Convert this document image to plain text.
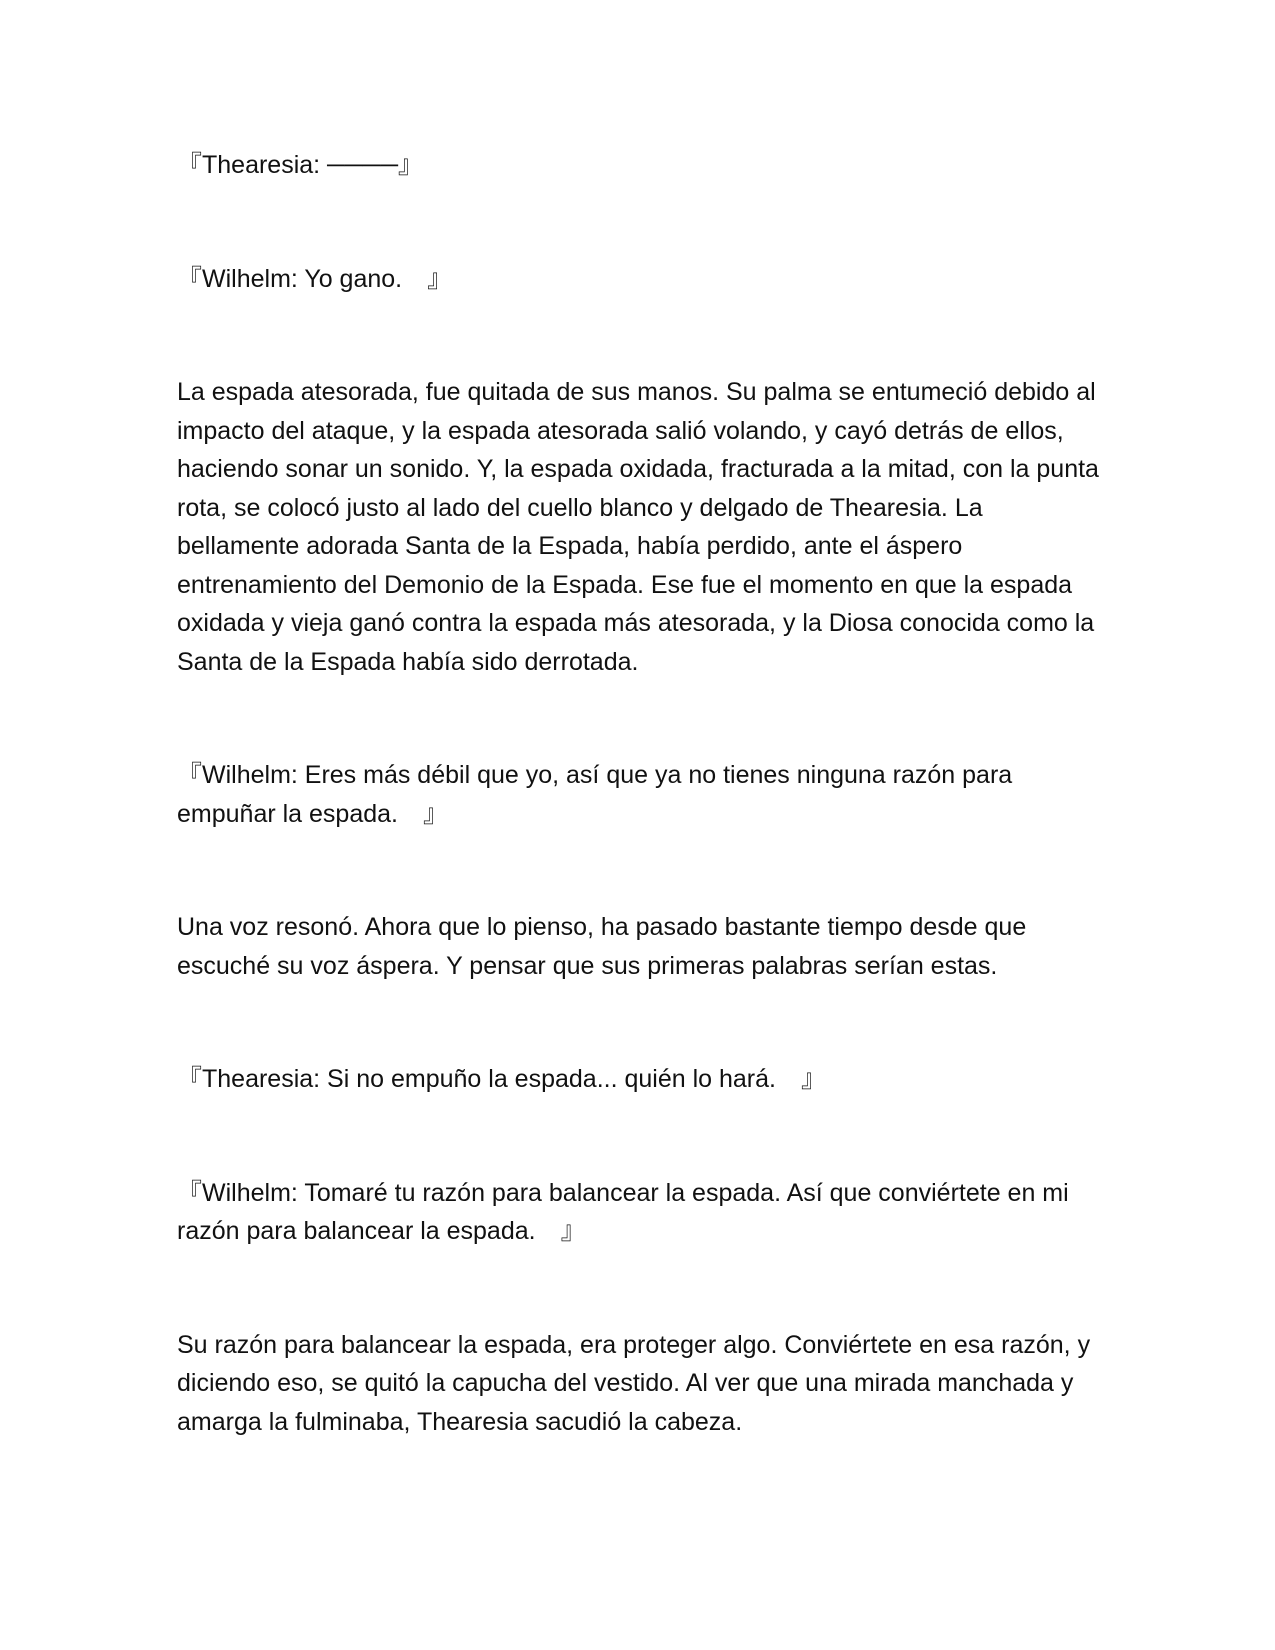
『Thearesia: ────』

『Wilhelm: Yo gano.　』

La espada atesorada, fue quitada de sus manos. Su palma se entumeció debido al impacto del ataque, y la espada atesorada salió volando, y cayó detrás de ellos, haciendo sonar un sonido. Y, la espada oxidada, fracturada a la mitad, con la punta rota, se colocó justo al lado del cuello blanco y delgado de Thearesia. La bellamente adorada Santa de la Espada, había perdido, ante el áspero entrenamiento del Demonio de la Espada. Ese fue el momento en que la espada oxidada y vieja ganó contra la espada más atesorada, y la Diosa conocida como la Santa de la Espada había sido derrotada.

『Wilhelm: Eres más débil que yo, así que ya no tienes ninguna razón para empuñar la espada.　』

Una voz resonó. Ahora que lo pienso, ha pasado bastante tiempo desde que escuché su voz áspera. Y pensar que sus primeras palabras serían estas.

『Thearesia: Si no empuño la espada... quién lo hará.　』

『Wilhelm: Tomaré tu razón para balancear la espada. Así que conviértete en mi razón para balancear la espada.　』

Su razón para balancear la espada, era proteger algo. Conviértete en esa razón, y diciendo eso, se quitó la capucha del vestido. Al ver que una mirada manchada y amarga la fulminaba, Thearesia sacudió la cabeza.
